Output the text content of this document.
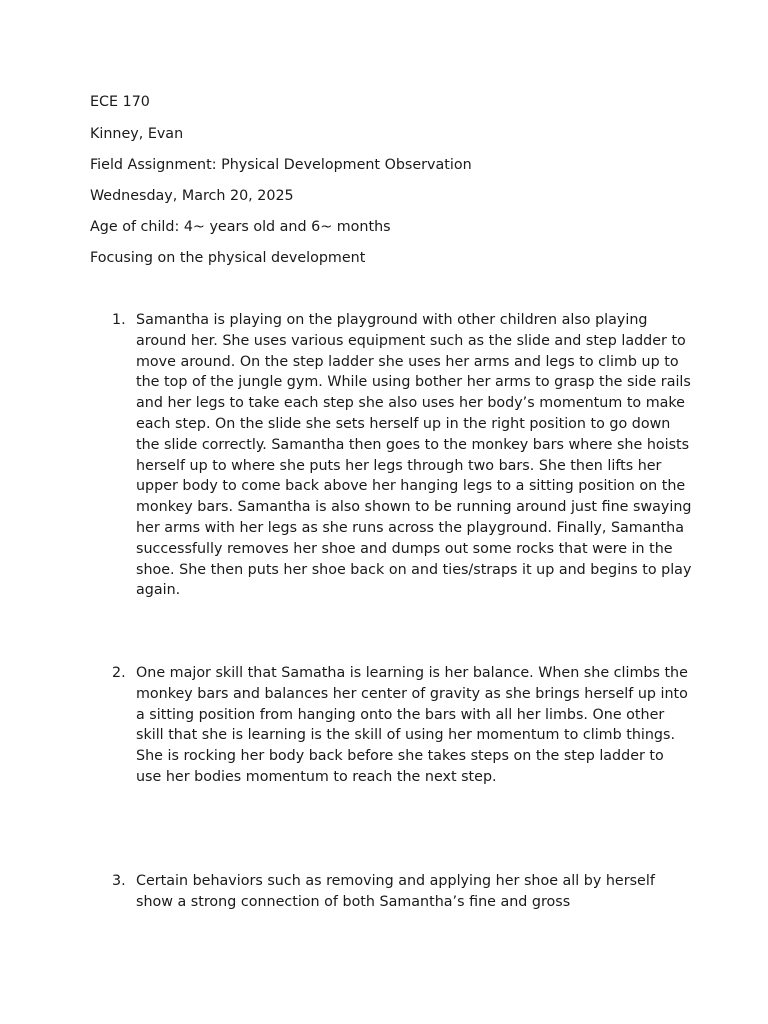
ECE 170
Kinney, Evan
Field Assignment: Physical Development Observation
Wednesday, March 20, 2025
Age of child: 4~ years old and 6~ months
Focusing on the physical development
1. Samantha is playing on the playground with other children also playing around her. She uses various equipment such as the slide and step ladder to move around. On the step ladder she uses her arms and legs to climb up to the top of the jungle gym. While using bother her arms to grasp the side rails and her legs to take each step she also uses her body’s momentum to make each step. On the slide she sets herself up in the right position to go down the slide correctly. Samantha then goes to the monkey bars where she hoists herself up to where she puts her legs through two bars. She then lifts her upper body to come back above her hanging legs to a sitting position on the monkey bars. Samantha is also shown to be running around just fine swaying her arms with her legs as she runs across the playground. Finally, Samantha successfully removes her shoe and dumps out some rocks that were in the shoe. She then puts her shoe back on and ties/straps it up and begins to play again.
2. One major skill that Samatha is learning is her balance. When she climbs the monkey bars and balances her center of gravity as she brings herself up into a sitting position from hanging onto the bars with all her limbs. One other skill that she is learning is the skill of using her momentum to climb things. She is rocking her body back before she takes steps on the step ladder to use her bodies momentum to reach the next step.
3. Certain behaviors such as removing and applying her shoe all by herself show a strong connection of both Samantha’s fine and gross
